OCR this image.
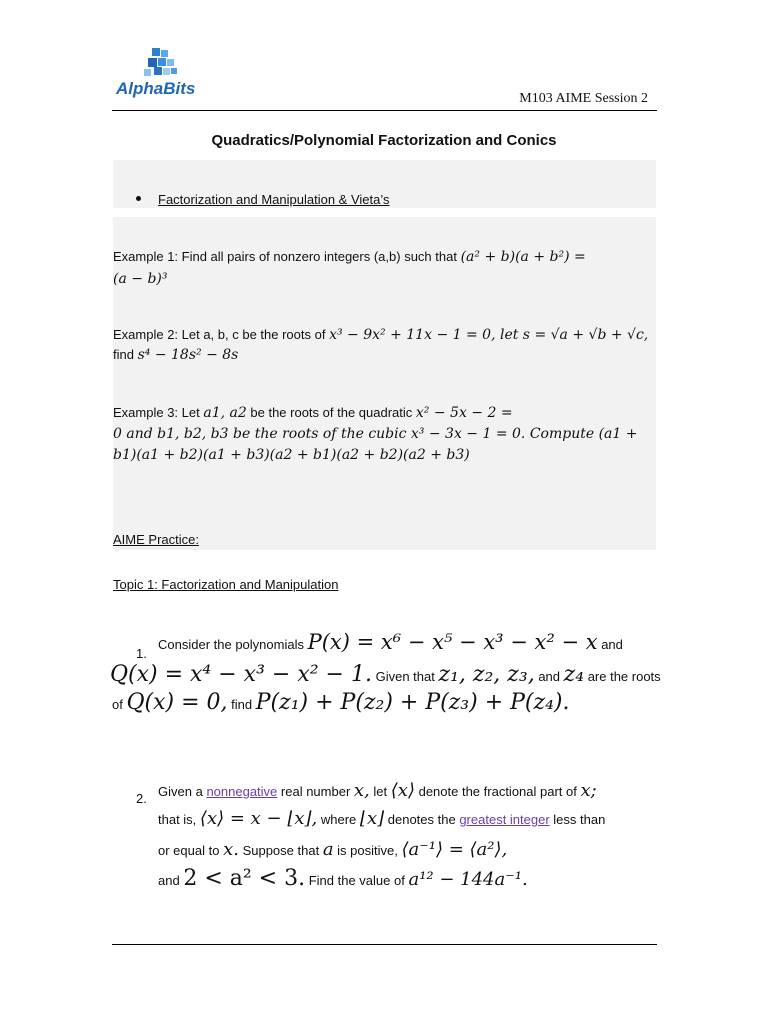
AlphaBits
M103 AIME Session 2
Quadratics/Polynomial Factorization and Conics
Factorization and Manipulation & Vieta’s
Example 1: Find all pairs of nonzero integers (a,b) such that (a² + b)(a + b²) =
(a − b)³
Example 2: Let a, b, c be the roots of x³ − 9x² + 11x − 1 = 0, let s = √a + √b + √c,
find s⁴ − 18s² − 8s
Example 3: Let a1, a2 be the roots of the quadratic x² − 5x − 2 =
0 and b1, b2, b3 be the roots of the cubic x³ − 3x − 1 = 0. Compute (a1 +
b1)(a1 + b2)(a1 + b3)(a2 + b1)(a2 + b2)(a2 + b3)
AIME Practice:
Topic 1: Factorization and Manipulation
1.
Consider the polynomials P(x) = x⁶ − x⁵ − x³ − x² − x and
Q(x) = x⁴ − x³ − x² − 1. Given that z₁, z₂, z₃, and z₄ are the roots
of Q(x) = 0, find P(z₁) + P(z₂) + P(z₃) + P(z₄).
2. Given a nonnegative real number x, let ⟨x⟩ denote the fractional part of x;
that is, ⟨x⟩ = x − ⌊x⌋, where ⌊x⌋ denotes the greatest integer less than
or equal to x. Suppose that a is positive, ⟨a⁻¹⟩ = ⟨a²⟩,
and 2 < a² < 3. Find the value of a¹² − 144a⁻¹.
